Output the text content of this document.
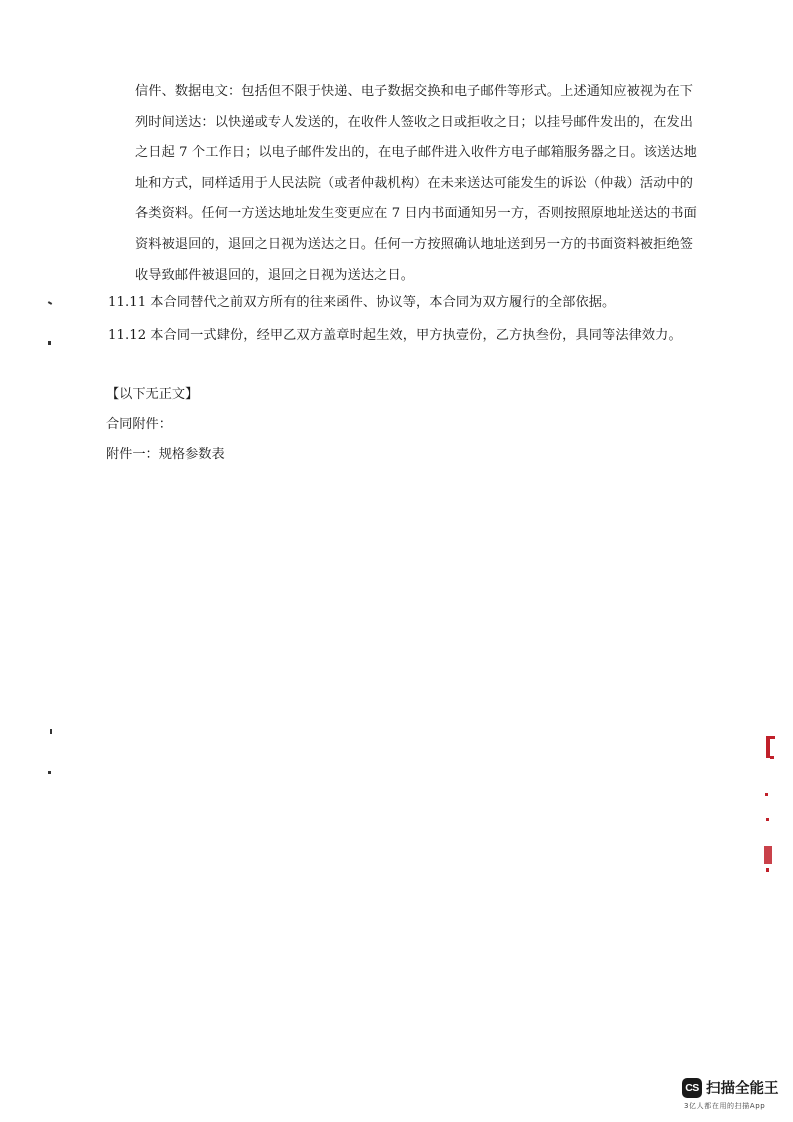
信件、数据电文：包括但不限于快递、电子数据交换和电子邮件等形式。上述通知应被视为在下
列时间送达：以快递或专人发送的，在收件人签收之日或拒收之日；以挂号邮件发出的，在发出
之日起 7 个工作日；以电子邮件发出的，在电子邮件进入收件方电子邮箱服务器之日。该送达地
址和方式，同样适用于人民法院（或者仲裁机构）在未来送达可能发生的诉讼（仲裁）活动中的
各类资料。任何一方送达地址发生变更应在 7 日内书面通知另一方，否则按照原地址送达的书面
资料被退回的，退回之日视为送达之日。任何一方按照确认地址送到另一方的书面资料被拒绝签
收导致邮件被退回的，退回之日视为送达之日。
11.11 本合同替代之前双方所有的往来函件、协议等，本合同为双方履行的全部依据。
11.12 本合同一式肆份，经甲乙双方盖章时起生效，甲方执壹份，乙方执叁份，具同等法律效力。
【以下无正文】
合同附件：
附件一：规格参数表
CS 扫描全能王
3亿人都在用的扫描App
